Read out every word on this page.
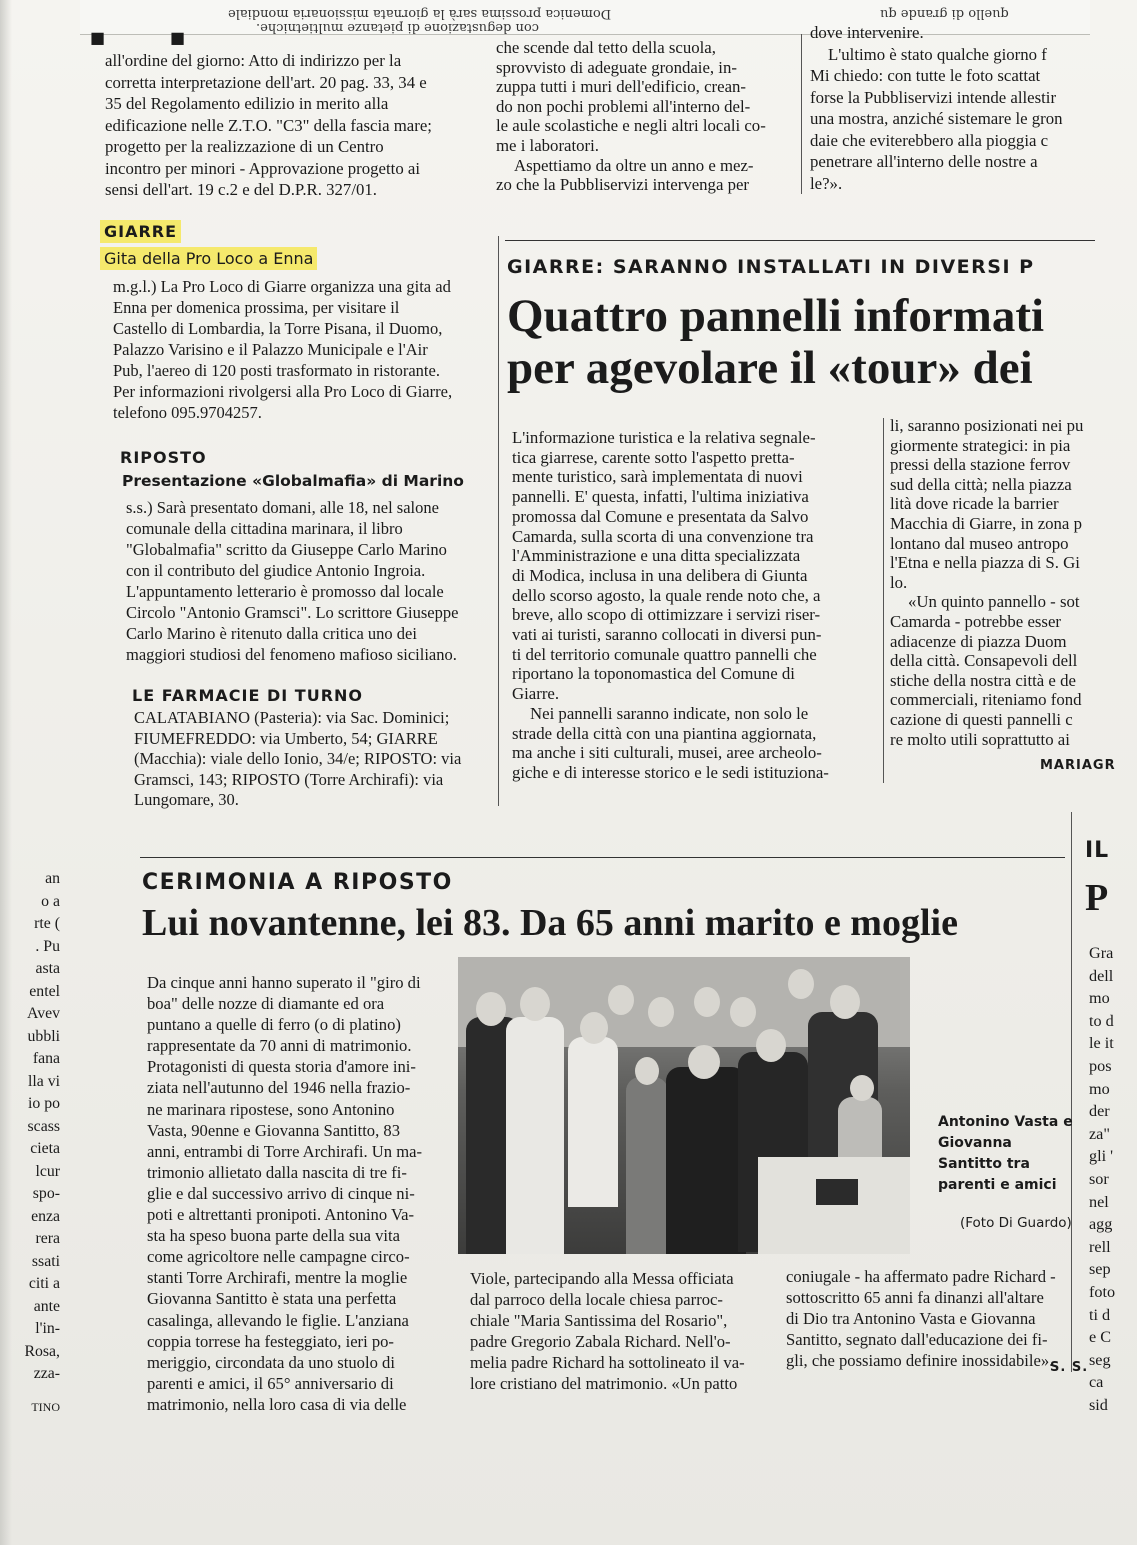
Domenica prossima sarà la giornata missionaria mondiale
con degustazione di pietanze multietniche.
quello di grande qu
■	■

all'ordine del giorno: Atto di indirizzo per la

corretta interpretazione dell'art. 20 pag. 33, 34 e

35 del Regolamento edilizio in merito alla

edificazione nelle Z.T.O. "C3" della fascia mare;

progetto per la realizzazione di un Centro

incontro per minori - Approvazione progetto ai

sensi dell'art. 19 c.2 e del D.P.R. 327/01.

che scende dal tetto della scuola,

sprovvisto di adeguate grondaie, in-

zuppa tutti i muri dell'edificio, crean-

do non pochi problemi all'interno del-

le aule scolastiche e negli altri locali co-

me i laboratori.

Aspettiamo da oltre un anno e mez-

zo che la Pubbliservizi intervenga per

dove intervenire.

L'ultimo è stato qualche giorno f

Mi chiedo: con tutte le foto scattat

forse la Pubbliservizi intende allestir

una mostra, anziché sistemare le gron

daie che eviterebbero alla pioggia c

penetrare all'interno delle nostre a

le?».

GIARRE
Gita della Pro Loco a Enna

m.g.l.) La Pro Loco di Giarre organizza una gita ad

Enna per domenica prossima, per visitare il

Castello di Lombardia, la Torre Pisana, il Duomo,

Palazzo Varisino e il Palazzo Municipale e l'Air

Pub, l'aereo di 120 posti trasformato in ristorante.

Per informazioni rivolgersi alla Pro Loco di Giarre,

telefono 095.9704257.

RIPOSTO
Presentazione «Globalmafia» di Marino

s.s.) Sarà presentato domani, alle 18, nel salone

comunale della cittadina marinara, il libro

"Globalmafia" scritto da Giuseppe Carlo Marino

con il contributo del giudice Antonio Ingroia.

L'appuntamento letterario è promosso dal locale

Circolo "Antonio Gramsci". Lo scrittore Giuseppe

Carlo Marino è ritenuto dalla critica uno dei

maggiori studiosi del fenomeno mafioso siciliano.

LE FARMACIE DI TURNO

CALATABIANO (Pasteria): via Sac. Dominici;

FIUMEFREDDO: via Umberto, 54; GIARRE

(Macchia): viale dello Ionio, 34/e; RIPOSTO: via

Gramsci, 143; RIPOSTO (Torre Archirafi): via

Lungomare, 30.

GIARRE: SARANNO INSTALLATI IN DIVERSI P
Quattro pannelli informati
per agevolare il «tour» dei

L'informazione turistica e la relativa segnale-

tica giarrese, carente sotto l'aspetto pretta-

mente turistico, sarà implementata di nuovi

pannelli. E' questa, infatti, l'ultima iniziativa

promossa dal Comune e presentata da Salvo

Camarda, sulla scorta di una convenzione tra

l'Amministrazione e una ditta specializzata

di Modica, inclusa in una delibera di Giunta

dello scorso agosto, la quale rende noto che, a

breve, allo scopo di ottimizzare i servizi riser-

vati ai turisti, saranno collocati in diversi pun-

ti del territorio comunale quattro pannelli che

riportano la toponomastica del Comune di

Giarre.

Nei pannelli saranno indicate, non solo le

strade della città con una piantina aggiornata,

ma anche i siti culturali, musei, aree archeolo-

giche e di interesse storico e le sedi istituziona-

li, saranno posizionati nei pu

giormente strategici: in pia

pressi della stazione ferrov

sud della città; nella piazza

lità dove ricade la barrier

Macchia di Giarre, in zona p

lontano dal museo antropo

l'Etna e nella piazza di S. Gi

lo.

«Un quinto pannello - sot

Camarda - potrebbe esser

adiacenze di piazza Duom

della città. Consapevoli dell

stiche della nostra città e de

commerciali, riteniamo fond

cazione di questi pannelli c

re molto utili soprattutto ai

MARIAGR
CERIMONIA A RIPOSTO
Lui novantenne, lei 83. Da 65 anni marito e moglie

Da cinque anni hanno superato il "giro di

boa" delle nozze di diamante ed ora

puntano a quelle di ferro (o di platino)

rappresentate da 70 anni di matrimonio.

Protagonisti di questa storia d'amore ini-

ziata nell'autunno del 1946 nella frazio-

ne marinara ripostese, sono Antonino

Vasta, 90enne e Giovanna Santitto, 83

anni, entrambi di Torre Archirafi. Un ma-

trimonio allietato dalla nascita di tre fi-

glie e dal successivo arrivo di cinque ni-

poti e altrettanti pronipoti. Antonino Va-

sta ha speso buona parte della sua vita

come agricoltore nelle campagne circo-

stanti Torre Archirafi, mentre la moglie

Giovanna Santitto è stata una perfetta

casalinga, allevando le figlie. L'anziana

coppia torrese ha festeggiato, ieri po-

meriggio, circondata da uno stuolo di

parenti e amici, il 65° anniversario di

matrimonio, nella loro casa di via delle

Antonino Vasta e
Giovanna
Santitto tra
parenti e amici
(Foto Di Guardo)

Viole, partecipando alla Messa officiata

dal parroco della locale chiesa parroc-

chiale "Maria Santissima del Rosario",

padre Gregorio Zabala Richard. Nell'o-

melia padre Richard ha sottolineato il va-

lore cristiano del matrimonio. «Un patto

coniugale - ha affermato padre Richard -

sottoscritto 65 anni fa dinanzi all'altare

di Dio tra Antonino Vasta e Giovanna

Santitto, segnato dall'educazione dei fi-

gli, che possiamo definire inossidabile».

S. S.
IL
P

Gra

dell

mo

to d

le it

pos

mo

der

za"

gli '

sor

nel

agg

rell

sep

foto

ti d

e C

seg

ca

sid

an

o a

rte (

. Pu

asta

entel

Avev

ubbli

fana

lla vi

io po

scass

cieta

lcur

spo-

enza

rera

ssati

citi a

ante

l'in-

Rosa,

zza-

TINO
